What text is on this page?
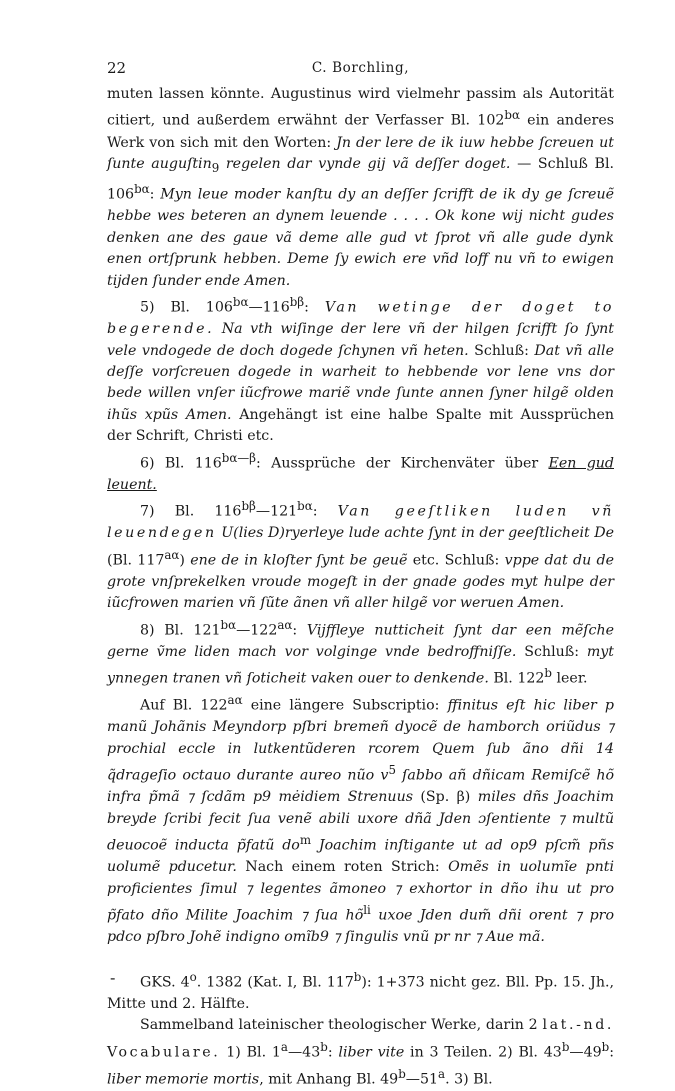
22	C. Borchling,

muten lassen könnte. Augustinus wird vielmehr passim als Autorität citiert, und außerdem erwähnt der Verfasser Bl. $102^{b\alpha}$ ein anderes Werk von sich mit den Worten: Jn der lere de ik iuw hebbe ſcreuen ut ſunte auguſtin$_9$ regelen dar vynde gij vã deſſer doget. — Schluß Bl. $106^{b\alpha}$: Myn leue moder kanſtu dy an deſſer ſcrifft de ik dy ge ſcreuẽ hebbe wes beteren an dynem leuende . . . . Ok kone wij nicht gudes denken ane des gaue vã deme alle gud vt ſprot vñ alle gude dynk enen ortſprunk hebben. Deme ſy ewich ere vñd loff nu vñ to ewigen tijden ſunder ende Amen.

5) Bl. $106^{b\alpha}—116^{b\beta}$: Van wetinge der doget to begerende. Na vth wiſinge der lere vñ der hilgen ſcrifft ſo ſynt vele vndogede de doch dogede ſchynen vñ heten. Schluß: Dat vñ alle deſſe vorſcreuen dogede in warheit to hebbende vor lene vns dor bede willen vnſer iũcfrowe mariẽ vnde ſunte annen ſyner hilgẽ olden ihũs xpũs Amen. Angehängt ist eine halbe Spalte mit Aussprüchen der Schrift, Christi etc.

6) Bl. $116^{b\alpha—\beta}$: Aussprüche der Kirchenväter über Een gud leuent.

7) Bl. $116^{b\beta}—121^{b\alpha}$: Van geeſtliken luden vñ leuendegen U(lies D)ryerleye lude achte ſynt in der geeſtlicheit De (Bl. $117^{a\alpha}$) ene de in kloſter ſynt be geuẽ etc. Schluß: vppe dat du de grote vnſprekelken vroude mogeſt in der gnade godes myt hulpe der iũcfrowen marien vñ ſũte ãnen vñ aller hilgẽ vor weruen Amen.

8) Bl. $121^{b\alpha}—122^{a\alpha}$: Vijffleye nutticheit ſynt dar een mẽſche gerne ṽme liden mach vor volginge vnde bedroffniſſe. Schluß: myt ynnegen tranen vñ ſoticheit vaken ouer to denkende. Bl. 122$^b$ leer.

Auf Bl. $122^{a\alpha}$ eine längere Subscriptio: ffinitus eſt hic liber p manũ Johãnis Meyndorp pſbri bremeñ dyocẽ de hamborch oriũdus ⁊ prochial eccle in lutkentũderen rcorem Quem ſub ãno dñi 14 q̃drageſio octauo durante aureo nũo $v^5$ ſabbo añ dñicam Remiſcẽ hõ infra p̃mã ⁊ ſcdãm p9 mėidiem Strenuus (Sp. β) miles dñs Joachim breyde ſcribi fecit ſua venẽ abili uxore dñã Jden ɔſentiente ⁊ multũ deuocoẽ inducta p̃fatũ $do^m$ Joachim inſtigante ut ad op9 pſcm̃ pñs uolumẽ pducetur. Nach einem roten Strich: Omẽs in uolumĩe pnti proficientes ſimul ⁊ legentes ãmoneo ⁊ exhortor in dño ihu ut pro p̃fato dño Milite Joachim ⁊ ſua $hõ^{li}$ uxoe Jden dum̃ dñi orent ⁊ pro pdco pſbro Johẽ indigno omĩb9 ⁊ ſingulis vnũ pr nr ⁊ Aue mã.

- GKS. 4$^o$. 1382 (Kat. I, Bl. 117$^b$): 1+373 nicht gez. Bll. Pp. 15. Jh., Mitte und 2. Hälfte.

Sammelband lateinischer theologischer Werke, darin 2 lat.-nd. Vocabulare. 1) Bl. 1$^a$—43$^b$: liber vite in 3 Teilen. 2) Bl. 43$^b$—49$^b$: liber memorie mortis, mit Anhang Bl. 49$^b$—51$^a$. 3) Bl.
